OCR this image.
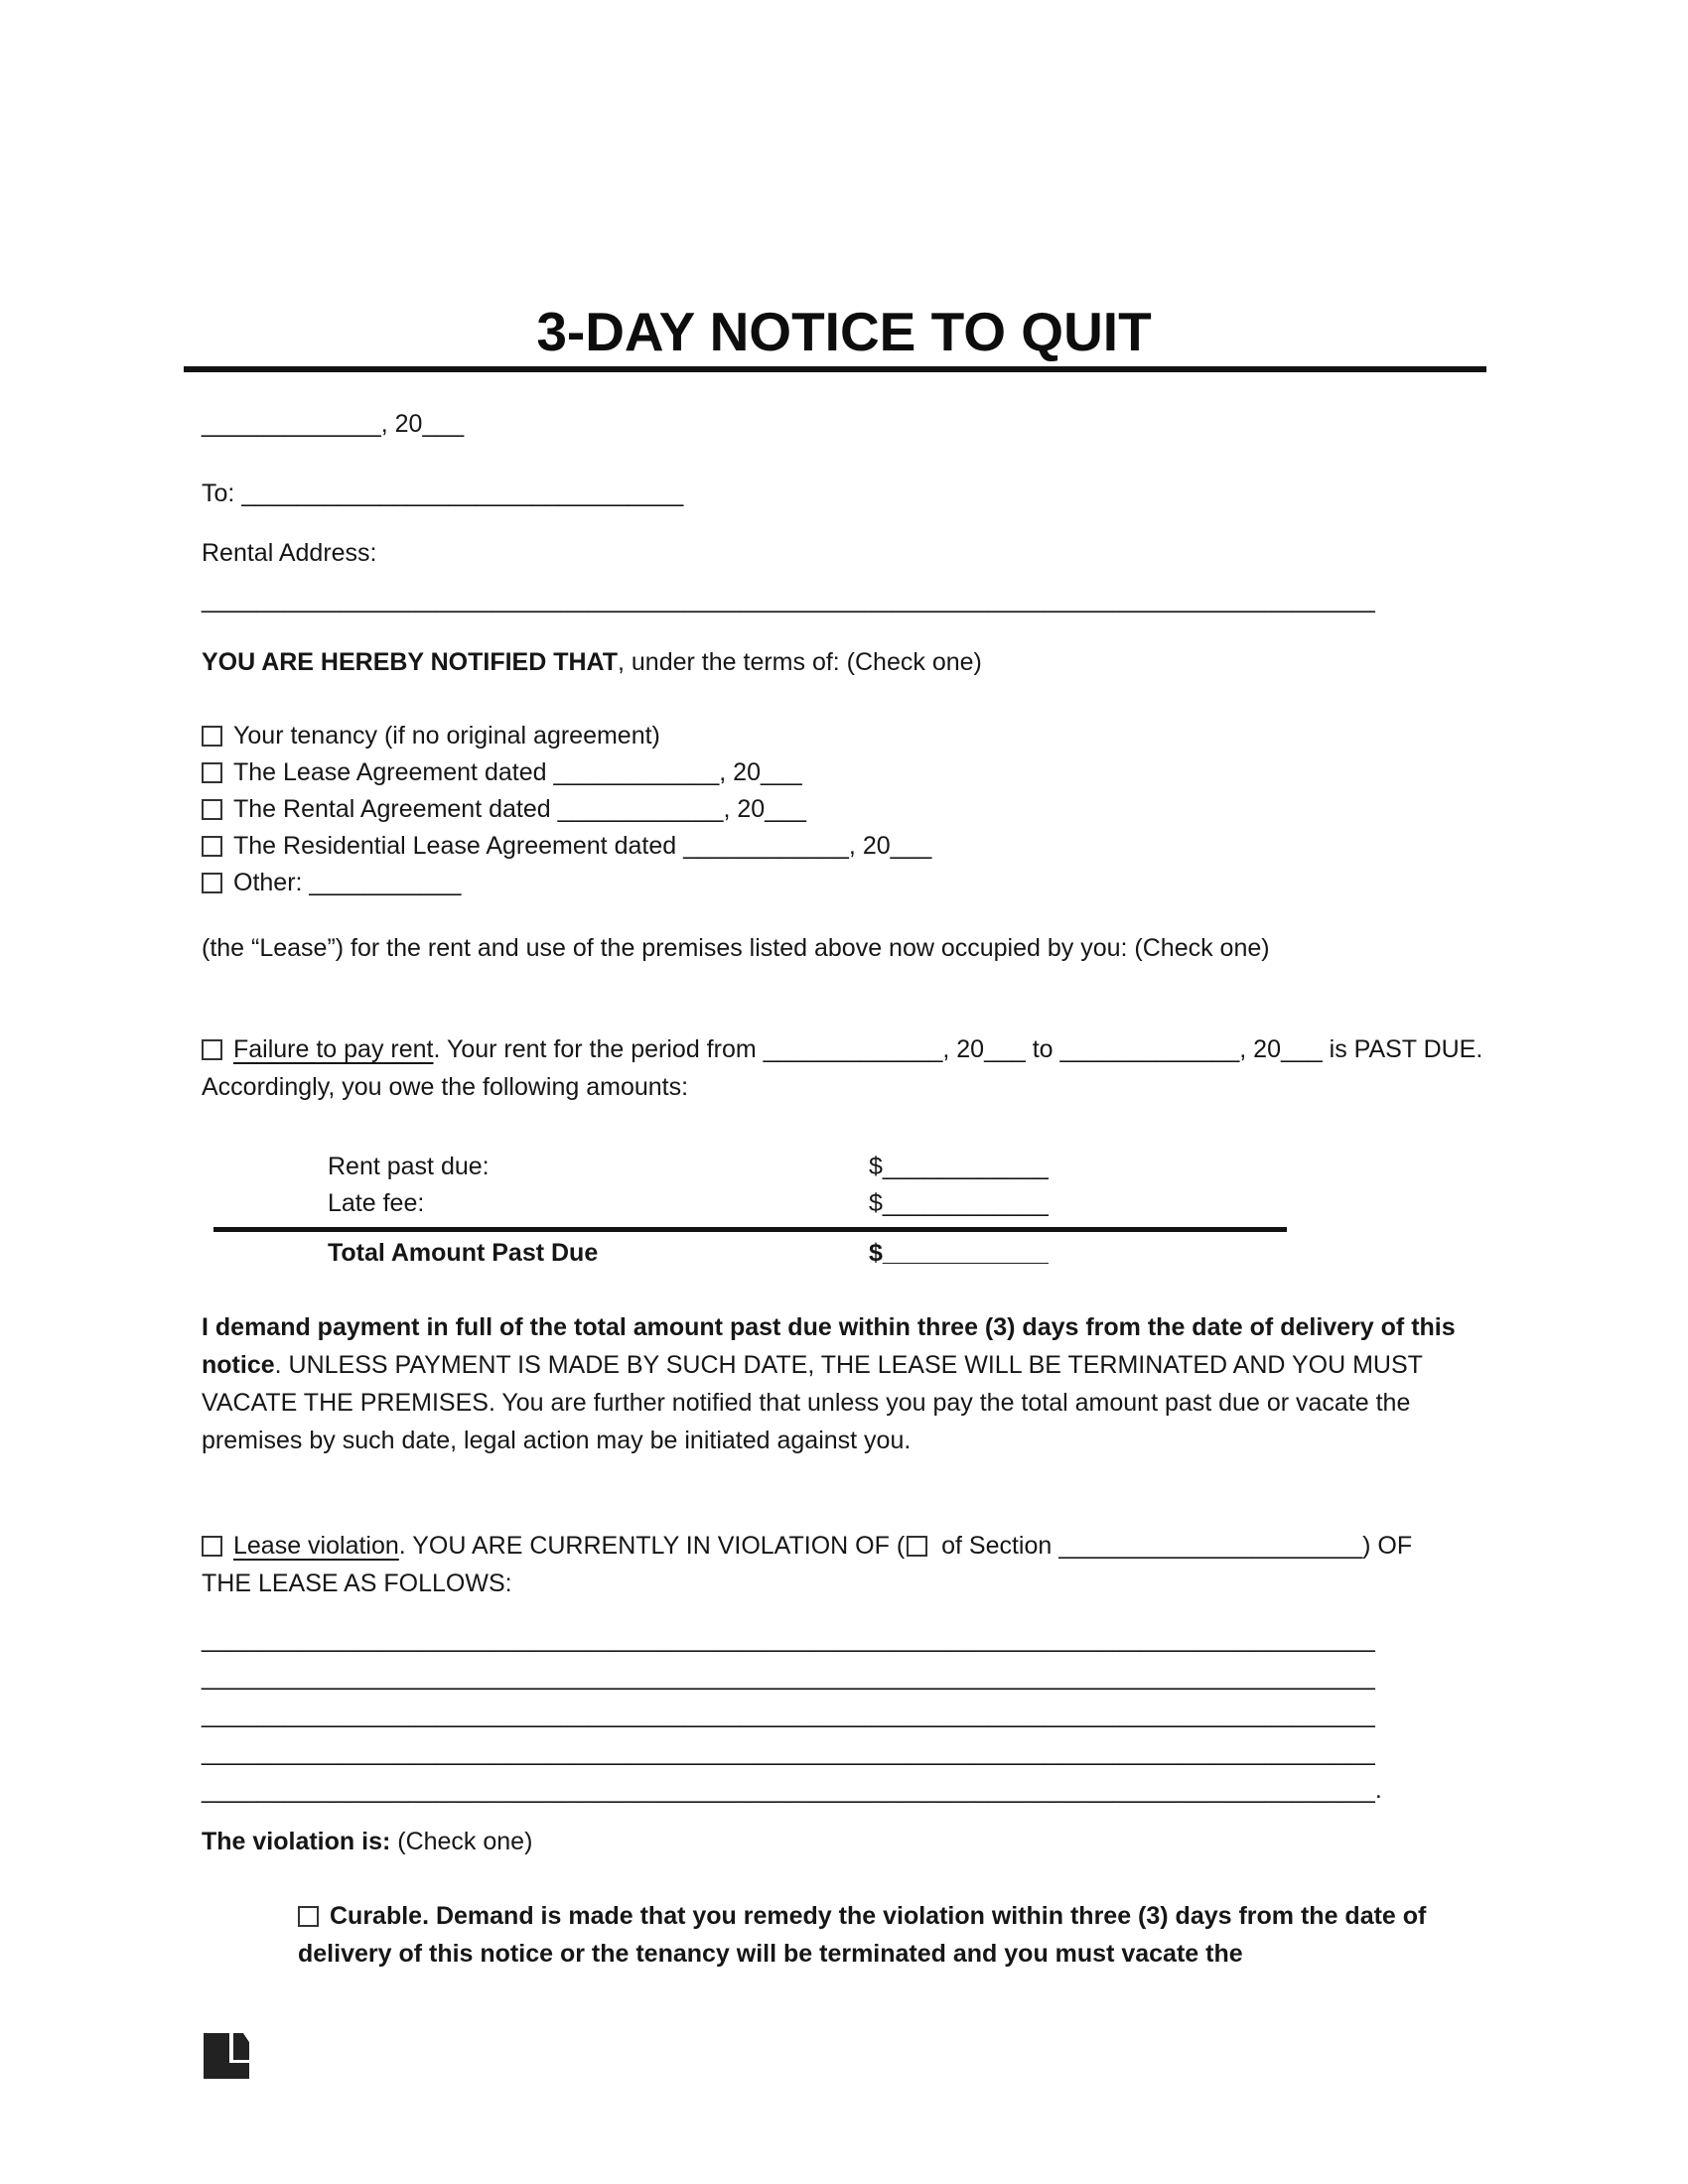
3-DAY NOTICE TO QUIT
_____________, 20___
To: ________________________________
Rental Address:
_____________________________________________________________________________________
YOU ARE HEREBY NOTIFIED THAT, under the terms of: (Check one)
Your tenancy (if no original agreement)
The Lease Agreement dated ____________, 20___
The Rental Agreement dated ____________, 20___
The Residential Lease Agreement dated ____________, 20___
Other: ___________
(the “Lease”) for the rent and use of the premises listed above now occupied by you: (Check one)
Failure to pay rent. Your rent for the period from _____________, 20___ to _____________, 20___ is PAST DUE. Accordingly, you owe the following amounts:
Rent past due:	$____________
Late fee:	$____________
Total Amount Past Due	$____________
I demand payment in full of the total amount past due within three (3) days from the date of delivery of this notice. UNLESS PAYMENT IS MADE BY SUCH DATE, THE LEASE WILL BE TERMINATED AND YOU MUST VACATE THE PREMISES. You are further notified that unless you pay the total amount past due or vacate the premises by such date, legal action may be initiated against you.
Lease violation. YOU ARE CURRENTLY IN VIOLATION OF ( of Section ______________________) OF
THE LEASE AS FOLLOWS:
_____________________________________________________________________________________
_____________________________________________________________________________________
_____________________________________________________________________________________
_____________________________________________________________________________________
_____________________________________________________________________________________.
The violation is: (Check one)
Curable. Demand is made that you remedy the violation within three (3) days from the date of delivery of this notice or the tenancy will be terminated and you must vacate the
